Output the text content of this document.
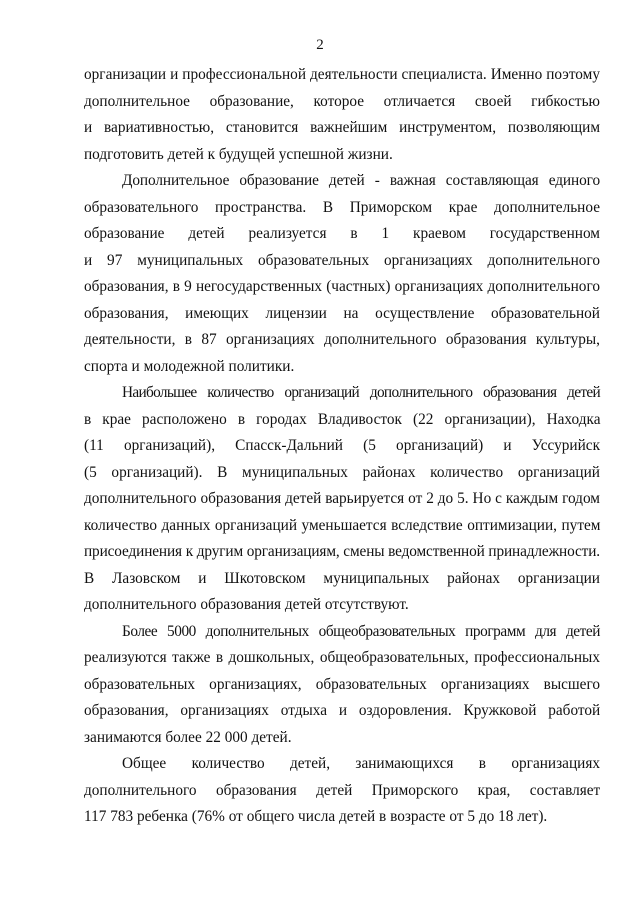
2
организации и профессиональной деятельности специалиста. Именно поэтому
дополнительное образование, которое отличается своей гибкостью
и вариативностью, становится важнейшим инструментом, позволяющим
подготовить детей к будущей успешной жизни.
Дополнительное образование детей - важная составляющая единого
образовательного пространства. В Приморском крае дополнительное
образование детей реализуется в 1 краевом государственном
и 97 муниципальных образовательных организациях дополнительного
образования, в 9 негосударственных (частных) организациях дополнительного
образования, имеющих лицензии на осуществление образовательной
деятельности, в 87 организациях дополнительного образования культуры,
спорта и молодежной политики.
Наибольшее количество организаций дополнительного образования детей
в крае расположено в городах Владивосток (22 организации), Находка
(11 организаций), Спасск-Дальний (5 организаций) и Уссурийск
(5 организаций). В муниципальных районах количество организаций
дополнительного образования детей варьируется от 2 до 5. Но с каждым годом
количество данных организаций уменьшается вследствие оптимизации, путем
присоединения к другим организациям, смены ведомственной принадлежности.
В Лазовском и Шкотовском муниципальных районах организации
дополнительного образования детей отсутствуют.
Более 5000 дополнительных общеобразовательных программ для детей
реализуются также в дошкольных, общеобразовательных, профессиональных
образовательных организациях, образовательных организациях высшего
образования, организациях отдыха и оздоровления. Кружковой работой
занимаются более 22 000 детей.
Общее количество детей, занимающихся в организациях
дополнительного образования детей Приморского края, составляет
117 783 ребенка (76% от общего числа детей в возрасте от 5 до 18 лет).
